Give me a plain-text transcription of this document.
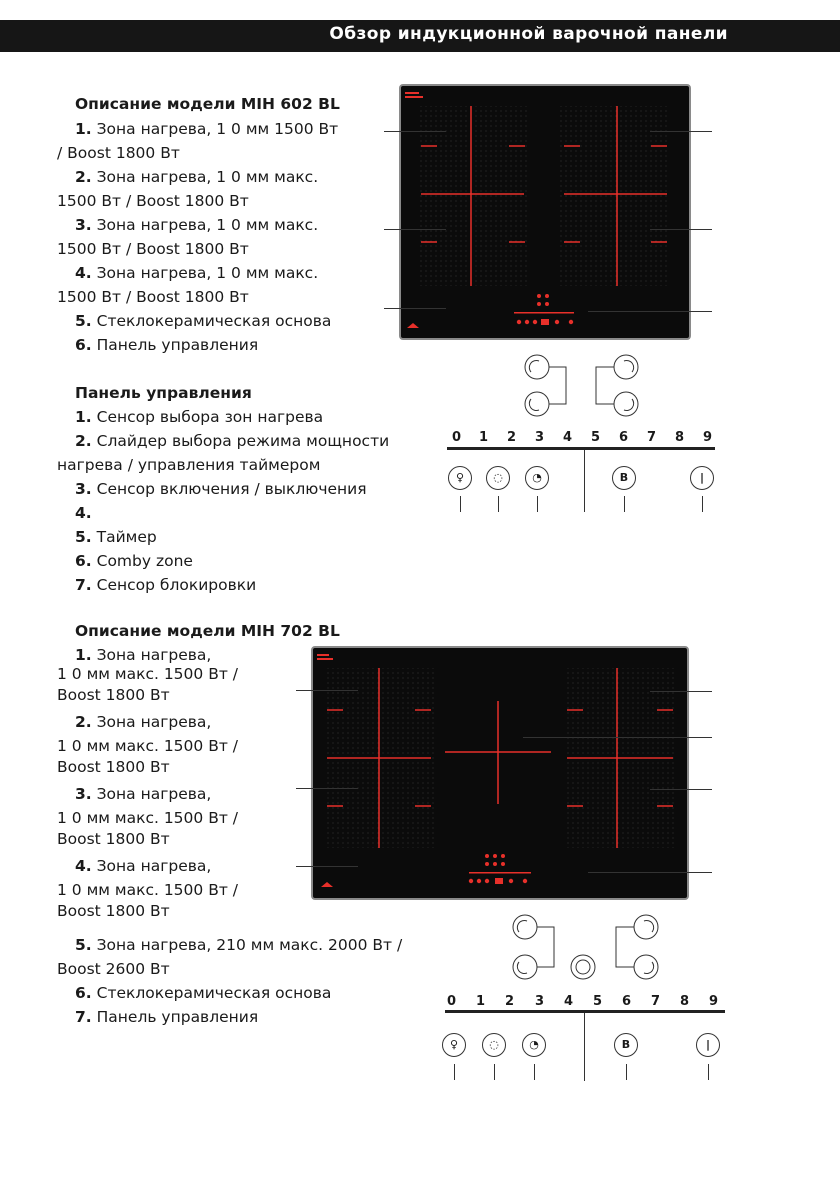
Обзор индукционной варочной панели
Описание модели MIH 602 BL
1. Зона нагрева, 1 0 мм 1500 Вт
/ Boost 1800 Вт
2. Зона нагрева, 1 0 мм макс.
1500 Вт / Boost 1800 Вт
3. Зона нагрева, 1 0 мм макс.
1500 Вт / Boost 1800 Вт
4. Зона нагрева, 1 0 мм макс.
1500 Вт / Boost 1800 Вт
5. Стеклокерамическая основа
6. Панель управления
Панель управления
1. Сенсор выбора зон нагрева
2. Слайдер выбора режима мощности
нагрева / управления таймером
3. Сенсор включения / выключения
4.
5. Таймер
6. Comby zone
7. Сенсор блокировки
Описание модели MIH 702 BL
1. Зона нагрева,
1 0 мм макс. 1500 Вт /
Boost 1800 Вт
2. Зона нагрева,
1 0 мм макс. 1500 Вт /
Boost 1800 Вт
3. Зона нагрева,
1 0 мм макс. 1500 Вт /
Boost 1800 Вт
4. Зона нагрева,
1 0 мм макс. 1500 Вт /
Boost 1800 Вт
5. Зона нагрева, 210 мм макс. 2000 Вт /
Boost 2600 Вт
6. Стеклокерамическая основа
7. Панель управления
0 1 2 3 4 5 6 7 8 9
♀	◌	◔	B	|
0 1 2 3 4 5 6 7 8 9
♀	◌	◔	B	|
